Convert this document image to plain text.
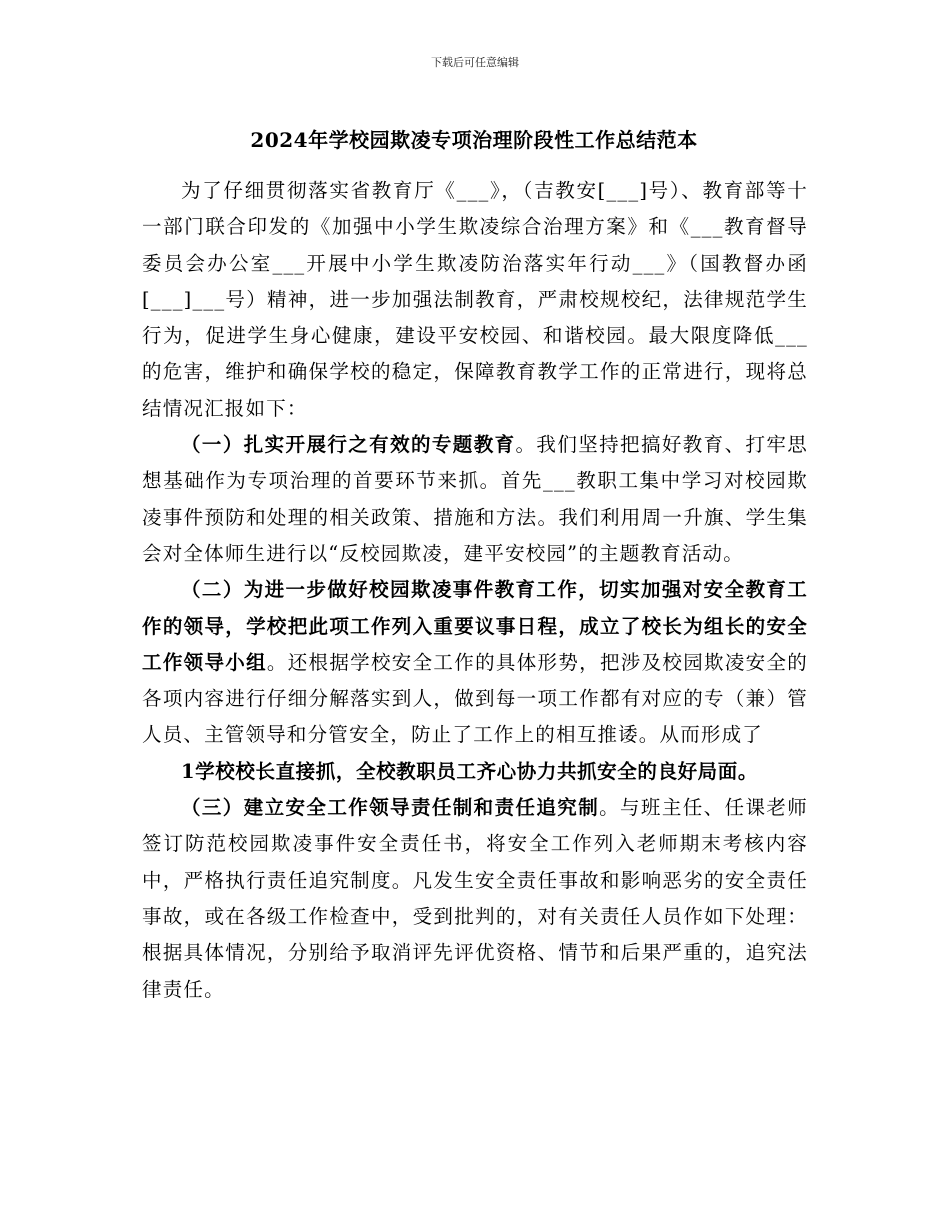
下载后可任意编辑
2024年学校园欺凌专项治理阶段性工作总结范本

为了仔细贯彻落实省教育厅《___》，（吉教安[___]号）、教育部等十一部门联合印发的《加强中小学生欺凌综合治理方案》和《___教育督导委员会办公室___开展中小学生欺凌防治落实年行动___》（国教督办函[___]___号）精神，进一步加强法制教育，严肃校规校纪，法律规范学生行为，促进学生身心健康，建设平安校园、和谐校园。最大限度降低___的危害，维护和确保学校的稳定，保障教育教学工作的正常进行，现将总结情况汇报如下：

（一）扎实开展行之有效的专题教育。我们坚持把搞好教育、打牢思想基础作为专项治理的首要环节来抓。首先___教职工集中学习对校园欺凌事件预防和处理的相关政策、措施和方法。我们利用周一升旗、学生集会对全体师生进行以“反校园欺凌，建平安校园”的主题教育活动。

（二）为进一步做好校园欺凌事件教育工作，切实加强对安全教育工作的领导，学校把此项工作列入重要议事日程，成立了校长为组长的安全工作领导小组。还根据学校安全工作的具体形势，把涉及校园欺凌安全的各项内容进行仔细分解落实到人，做到每一项工作都有对应的专（兼）管人员、主管领导和分管安全，防止了工作上的相互推诿。从而形成了

1学校校长直接抓，全校教职员工齐心协力共抓安全的良好局面。

（三）建立安全工作领导责任制和责任追究制。与班主任、任课老师签订防范校园欺凌事件安全责任书，将安全工作列入老师期末考核内容中，严格执行责任追究制度。凡发生安全责任事故和影响恶劣的安全责任事故，或在各级工作检查中，受到批判的，对有关责任人员作如下处理：根据具体情况，分别给予取消评先评优资格、情节和后果严重的，追究法律责任。
